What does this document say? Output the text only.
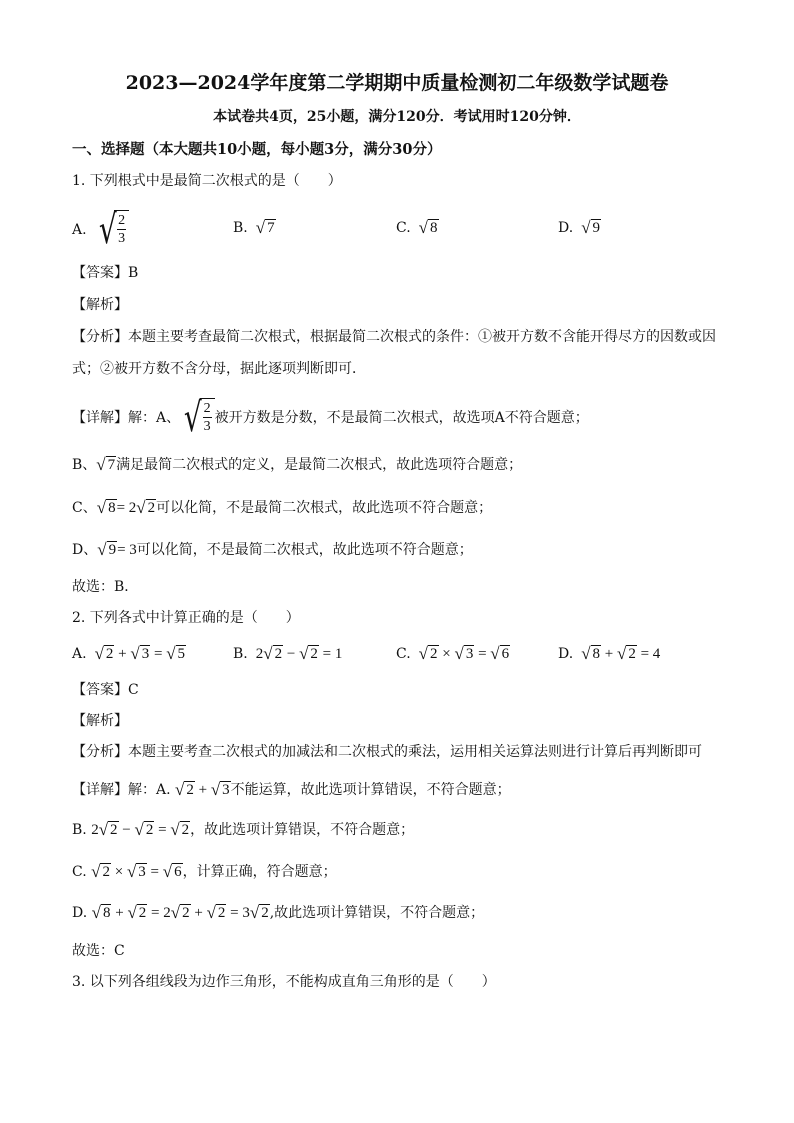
2023—2024学年度第二学期期中质量检测初二年级数学试题卷
本试卷共4页，25小题，满分120分．考试用时120分钟．
一、选择题（本大题共10小题，每小题3分，满分30分）
1. 下列根式中是最简二次根式的是（　　）
A. √
$\frac{2}{3}$	B. √ 7	C. √ 8	D. √ 9
【答案】B
【解析】
【分析】本题主要考查最简二次根式，根据最简二次根式的条件：①被开方数不含能开得尽方的因数或因
式；②被开方数不含分母，据此逐项判断即可．
【详解】解：A、 √
$\frac{2}{3}$ 被开方数是分数，不是最简二次根式，故选项A不符合题意；
B、 √ 7 满足最简二次根式的定义，是最简二次根式，故此选项符合题意；
C、 √ 8 = 2 √ 2 可以化简，不是最简二次根式，故此选项不符合题意；
D、 √ 9 = 3 可以化简，不是最简二次根式，故此选项不符合题意；
故选：B．
2. 下列各式中计算正确的是（　　）
A. √ 2 + √ 3 = √ 5	B. 2 √ 2 − √ 2 = 1	C. √ 2 × √ 3 = √ 6	D. √ 8 + √ 2 = 4
【答案】C
【解析】
【分析】本题主要考查二次根式的加减法和二次根式的乘法，运用相关运算法则进行计算后再判断即可
【详解】解：A.
√ 2 + √ 3 不能运算，故此选项计算错误，不符合题意；
B.
2 √ 2 − √ 2 = √ 2 ，故此选项计算错误，不符合题意；
C.
√ 2 × √ 3 = √ 6 ，计算正确，符合题意；
D.
√ 8 + √ 2 = 2 √ 2 + √ 2 = 3 √ 2 ,故此选项计算错误，不符合题意；
故选：C
3. 以下列各组线段为边作三角形，不能构成直角三角形的是（　　）
